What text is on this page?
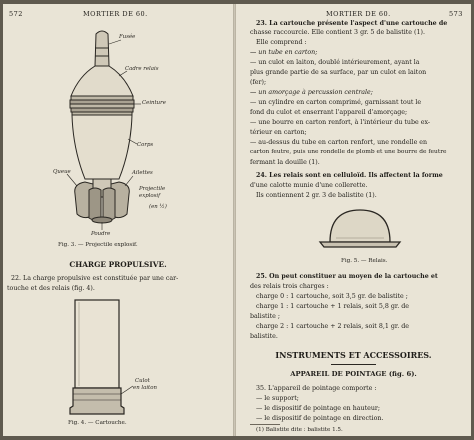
572	MORTIER DE 60.
Fusée
Cadre relais
Ceinture
Corps
Queue	Ailettes
Projectile explosif
(en ½)
Poudre
Fig. 3. — Projectile explosif.
CHARGE PROPULSIVE.
22. La charge propulsive est constituée par une car-
touche et des relais (fig. 4).
Culot
en laiton
Fig. 4. — Cartouche.
MORTIER DE 60.	573
23. La cartouche présente l'aspect d'une cartouche de
chasse raccourcie. Elle contient 3 gr. 5 de balistite (1).
Elle comprend :
— un tube en carton;
— un culot en laiton, doublé intérieurement, ayant la
plus grande partie de sa surface, par un culot en laiton
(fer);
— un amorçage à percussion centrale;
— un cylindre en carton comprimé, garnissant tout le
fond du culot et enserrant l'appareil d'amorçage;
— une bourre en carton renfort, à l'intérieur du tube ex-
térieur en carton;
— au-dessus du tube en carton renfort, une rondelle en
carton feutre, puis une rondelle de plomb et une bourre de feutre
fermant la douille (1).
24. Les relais sont en celluloïd. Ils affectent la forme
d'une calotte munie d'une collerette.
Ils contiennent 2 gr. 3 de balistite (1).
Fig. 5. — Relais.
25. On peut constituer au moyen de la cartouche et
des relais trois charges :
charge 0 : 1 cartouche, soit 3,5 gr. de balistite ;
charge 1 : 1 cartouche + 1 relais, soit 5,8 gr. de
balistite ;
charge 2 : 1 cartouche + 2 relais, soit 8,1 gr. de
balistite.
INSTRUMENTS ET ACCESSOIRES.
APPAREIL DE POINTAGE (fig. 6).
35. L'appareil de pointage comporte :
— le support;
— le dispositif de pointage en hauteur;
— le dispositif de pointage en direction.
(1) Balistite dite : balistite 1.5.
